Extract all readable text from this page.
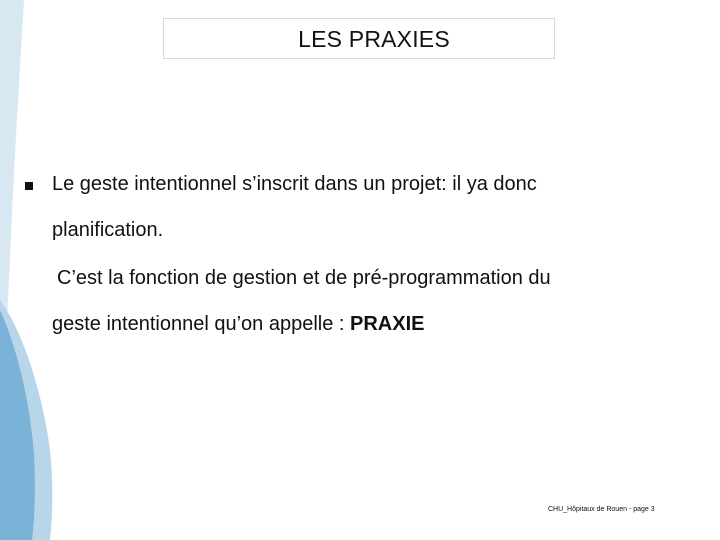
LES PRAXIES
Le geste intentionnel s’inscrit dans un projet: il ya donc
planification.
C’est la fonction de gestion et de pré-programmation du
geste intentionnel qu’on appelle : PRAXIE
CHU_Hôpitaux de Rouen - page 3
